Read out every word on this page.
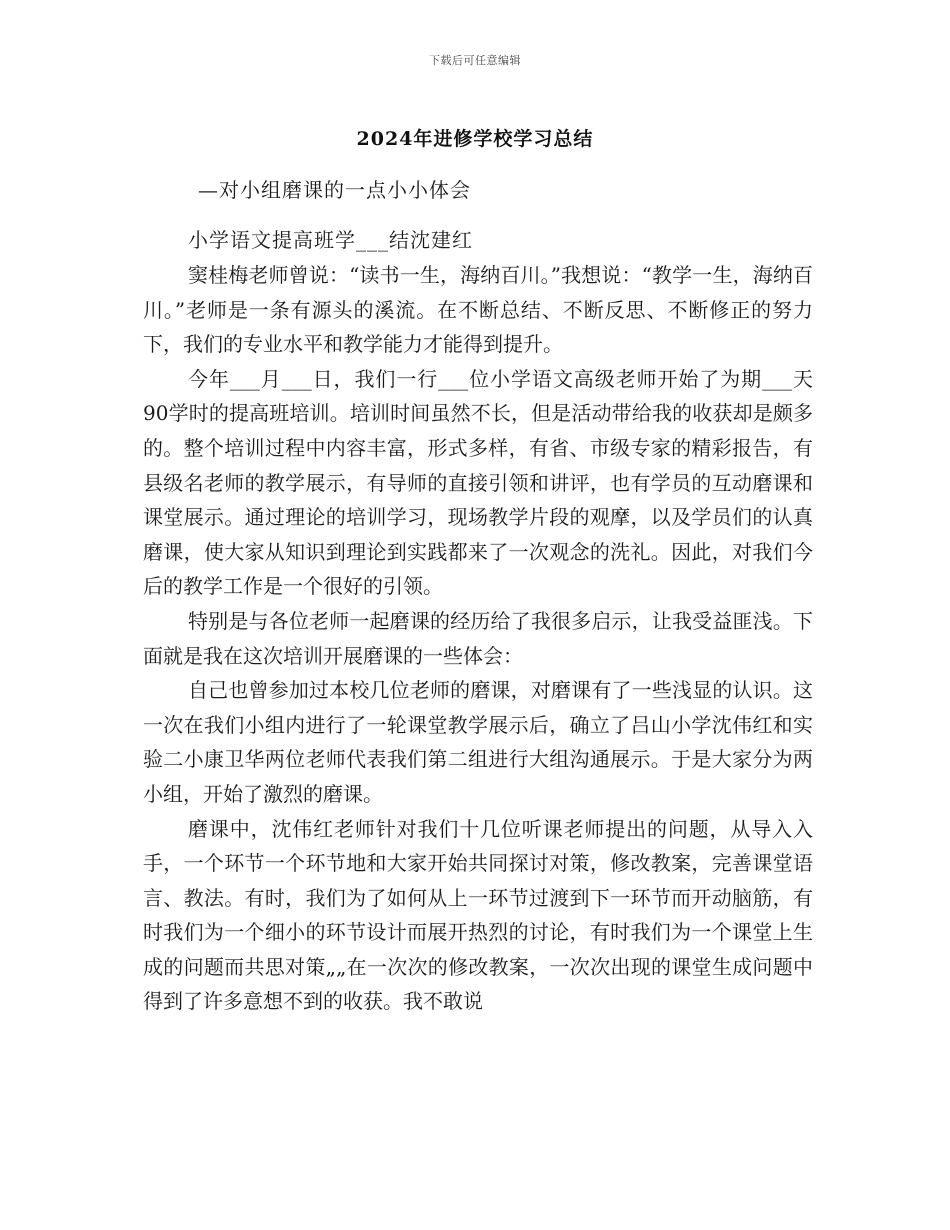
下载后可任意编辑
2024年进修学校学习总结
—对小组磨课的一点小小体会
小学语文提高班学___结沈建红

窦桂梅老师曾说：“读书一生，海纳百川。”我想说：“教学一生，海纳百川。”老师是一条有源头的溪流。在不断总结、不断反思、不断修正的努力下，我们的专业水平和教学能力才能得到提升。

今年___月___日，我们一行___位小学语文高级老师开始了为期___天90学时的提高班培训。培训时间虽然不长，但是活动带给我的收获却是颇多的。整个培训过程中内容丰富，形式多样，有省、市级专家的精彩报告，有县级名老师的教学展示，有导师的直接引领和讲评，也有学员的互动磨课和课堂展示。通过理论的培训学习，现场教学片段的观摩，以及学员们的认真磨课，使大家从知识到理论到实践都来了一次观念的洗礼。因此，对我们今后的教学工作是一个很好的引领。

特别是与各位老师一起磨课的经历给了我很多启示，让我受益匪浅。下面就是我在这次培训开展磨课的一些体会：

自己也曾参加过本校几位老师的磨课，对磨课有了一些浅显的认识。这一次在我们小组内进行了一轮课堂教学展示后，确立了吕山小学沈伟红和实验二小康卫华两位老师代表我们第二组进行大组沟通展示。于是大家分为两小组，开始了激烈的磨课。

磨课中，沈伟红老师针对我们十几位听课老师提出的问题，从导入入手，一个环节一个环节地和大家开始共同探讨对策，修改教案，完善课堂语言、教法。有时，我们为了如何从上一环节过渡到下一环节而开动脑筋，有时我们为一个细小的环节设计而展开热烈的讨论，有时我们为一个课堂上生成的问题而共思对策„„在一次次的修改教案，一次次出现的课堂生成问题中得到了许多意想不到的收获。我不敢说
